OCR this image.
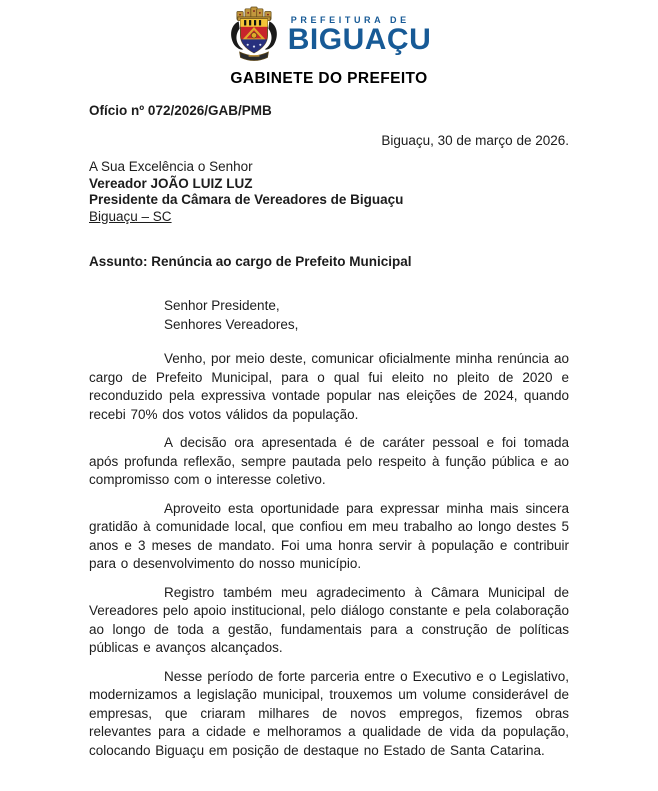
PREFEITURA DE
BIGUAÇU
GABINETE DO PREFEITO
Ofício nº 072/2026/GAB/PMB
Biguaçu, 30 de março de 2026.
A Sua Excelência o Senhor
Vereador JOÃO LUIZ LUZ
Presidente da Câmara de Vereadores de Biguaçu
Biguaçu – SC
Assunto: Renúncia ao cargo de Prefeito Municipal
Senhor Presidente,
Senhores Vereadores,

Venho, por meio deste, comunicar oficialmente minha renúncia ao cargo de Prefeito Municipal, para o qual fui eleito no pleito de 2020 e reconduzido pela expressiva vontade popular nas eleições de 2024, quando recebi 70% dos votos válidos da população.

A decisão ora apresentada é de caráter pessoal e foi tomada após profunda reflexão, sempre pautada pelo respeito à função pública e ao compromisso com o interesse coletivo.

Aproveito esta oportunidade para expressar minha mais sincera gratidão à comunidade local, que confiou em meu trabalho ao longo destes 5 anos e 3 meses de mandato. Foi uma honra servir à população e contribuir para o desenvolvimento do nosso município.

Registro também meu agradecimento à Câmara Municipal de Vereadores pelo apoio institucional, pelo diálogo constante e pela colaboração ao longo de toda a gestão, fundamentais para a construção de políticas públicas e avanços alcançados.

Nesse período de forte parceria entre o Executivo e o Legislativo, modernizamos a legislação municipal, trouxemos um volume considerável de empresas, que criaram milhares de novos empregos, fizemos obras relevantes para a cidade e melhoramos a qualidade de vida da população, colocando Biguaçu em posição de destaque no Estado de Santa Catarina.
